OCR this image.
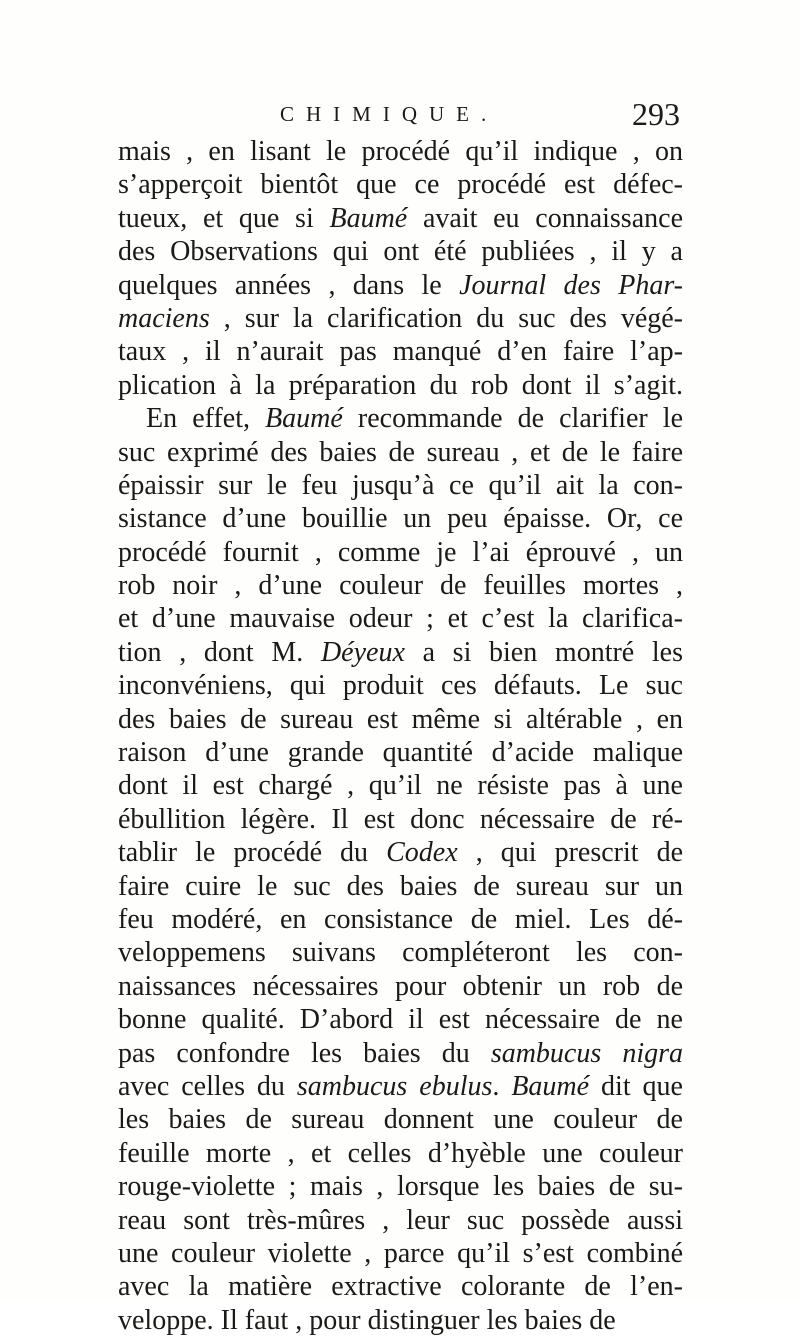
CHIMIQUE.	293
mais , en lisant le procédé qu’il indique , on
s’apperçoit bientôt que ce procédé est défec-
tueux, et que si Baumé avait eu connaissance
des Observations qui ont été publiées , il y a
quelques années , dans le Journal des Phar-
maciens , sur la clarification du suc des végé-
taux , il n’aurait pas manqué d’en faire l’ap-
plication à la préparation du rob dont il s’agit.
En effet, Baumé recommande de clarifier le
suc exprimé des baies de sureau , et de le faire
épaissir sur le feu jusqu’à ce qu’il ait la con-
sistance d’une bouillie un peu épaisse. Or, ce
procédé fournit , comme je l’ai éprouvé , un
rob noir , d’une couleur de feuilles mortes ,
et d’une mauvaise odeur ; et c’est la clarifica-
tion , dont M. Déyeux a si bien montré les
inconvéniens, qui produit ces défauts. Le suc
des baies de sureau est même si altérable , en
raison d’une grande quantité d’acide malique
dont il est chargé , qu’il ne résiste pas à une
ébullition légère. Il est donc nécessaire de ré-
tablir le procédé du Codex , qui prescrit de
faire cuire le suc des baies de sureau sur un
feu modéré, en consistance de miel. Les dé-
veloppemens suivans compléteront les con-
naissances nécessaires pour obtenir un rob de
bonne qualité. D’abord il est nécessaire de ne
pas confondre les baies du sambucus nigra
avec celles du sambucus ebulus. Baumé dit que
les baies de sureau donnent une couleur de
feuille morte , et celles d’hyèble une couleur
rouge-violette ; mais , lorsque les baies de su-
reau sont très-mûres , leur suc possède aussi
une couleur violette , parce qu’il s’est combiné
avec la matière extractive colorante de l’en-
veloppe. Il faut , pour distinguer les baies de
